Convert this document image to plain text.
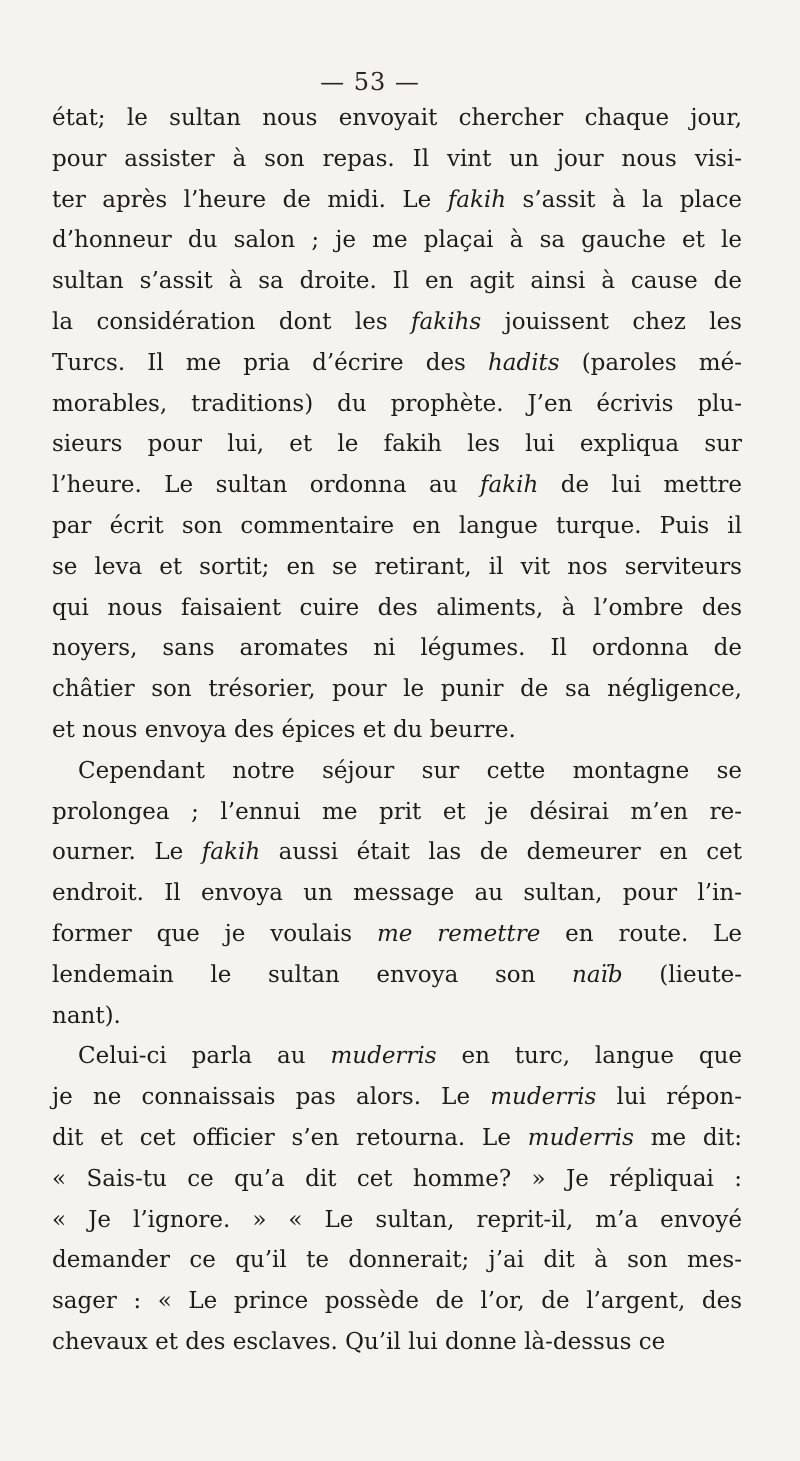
— 53 —
état; le sultan nous envoyait chercher chaque jour,
pour assister à son repas. Il vint un jour nous visi-
ter après l’heure de midi. Le fakih s’assit à la place
d’honneur du salon ; je me plaçai à sa gauche et le
sultan s’assit à sa droite. Il en agit ainsi à cause de
la considération dont les fakihs jouissent chez les
Turcs. Il me pria d’écrire des hadits (paroles mé-
morables, traditions) du prophète. J’en écrivis plu-
sieurs pour lui, et le fakih les lui expliqua sur
l’heure. Le sultan ordonna au fakih de lui mettre
par écrit son commentaire en langue turque. Puis il
se leva et sortit; en se retirant, il vit nos serviteurs
qui nous faisaient cuire des aliments, à l’ombre des
noyers, sans aromates ni légumes. Il ordonna de
châtier son trésorier, pour le punir de sa négligence,
et nous envoya des épices et du beurre.
Cependant notre séjour sur cette montagne se
prolongea ; l’ennui me prit et je désirai m’en re-
ourner. Le fakih aussi était las de demeurer en cet
endroit. Il envoya un message au sultan, pour l’in-
former que je voulais me remettre en route. Le
lendemain le sultan envoya son naïb (lieute-
nant).
Celui-ci parla au muderris en turc, langue que
je ne connaissais pas alors. Le muderris lui répon-
dit et cet officier s’en retourna. Le muderris me dit:
« Sais-tu ce qu’a dit cet homme? » Je répliquai :
« Je l’ignore. » « Le sultan, reprit-il, m’a envoyé
demander ce qu’il te donnerait; j’ai dit à son mes-
sager : « Le prince possède de l’or, de l’argent, des
chevaux et des esclaves. Qu’il lui donne là-dessus ce
